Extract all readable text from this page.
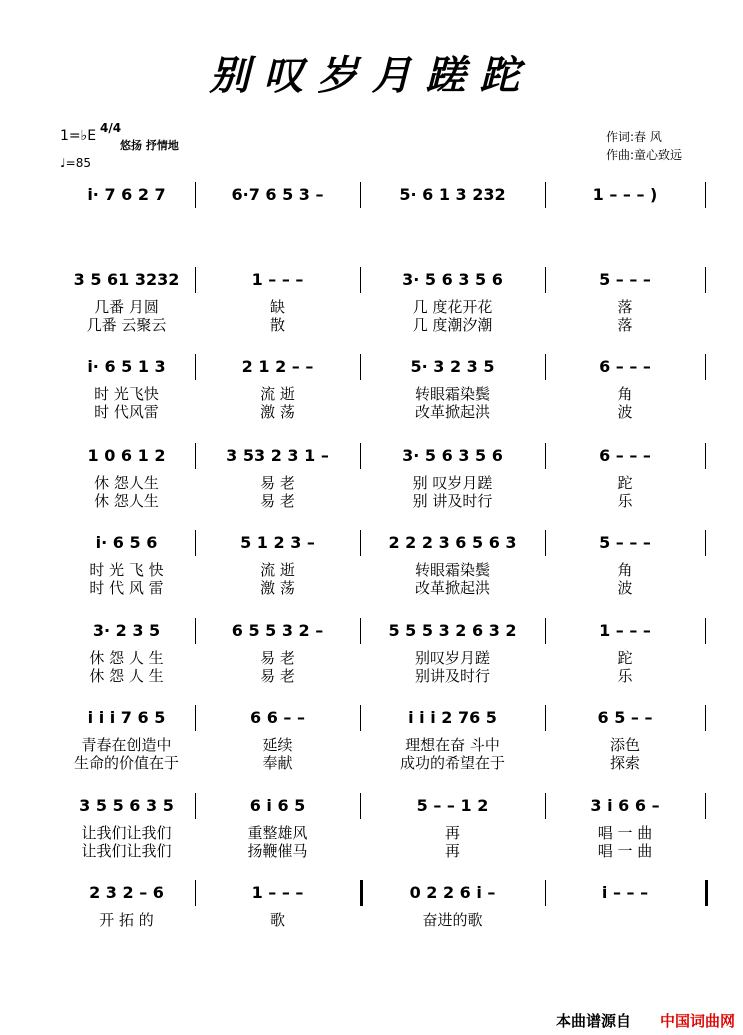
别叹岁月蹉跎
1=♭E 4/4
悠扬 抒情地
♩=85
作词:春 风
作曲:童心致远
i· 7 6 2 7	6·7 6 5 3 –	5· 6 1 3 232	1 – – – )
3 5 61 3232	1 – – –	3· 5 6 3 5 6	5 – – –
几番 月圆	缺	几 度花开花	落
几番 云聚云	散	几 度潮汐潮	落
i· 6 5 1 3	2 1 2 – –	5· 3 2 3 5	6 – – –
时 光飞快	流 逝	转眼霜染鬓	角
时 代风雷	激 荡	改革掀起洪	波
1 0 6 1 2	3 53 2 3 1 –	3· 5 6 3 5 6	6 – – –
休 怨人生	易 老	别 叹岁月蹉	跎
休 怨人生	易 老	别 讲及时行	乐
i· 6 5 6	5 1 2 3 –	2 2 2 3 6 5 6 3	5 – – –
时 光 飞 快	流 逝	转眼霜染鬓	角
时 代 风 雷	激 荡	改革掀起洪	波
3· 2 3 5	6 5 5 3 2 –	5 5 5 3 2 6 3 2	1 – – –
休 怨 人 生	易 老	别叹岁月蹉	跎
休 怨 人 生	易 老	别讲及时行	乐
i i i 7 6 5	6 6 – –	i i i 2 76 5	6 5 – –
青春在创造中	延续	理想在奋 斗中	添色
生命的价值在于	奉献	成功的希望在于	探索
3 5 5 6 3 5	6 i 6 5	5 – – 1 2	3 i 6 6 –
让我们让我们	重整雄风	再	唱 一 曲
让我们让我们	扬鞭催马	再	唱 一 曲
2 3 2 – 6	1 – – –	0 2 2 6 i –	i – – –
开 拓 的	歌	奋进的歌
本曲谱源自 中国词曲网
